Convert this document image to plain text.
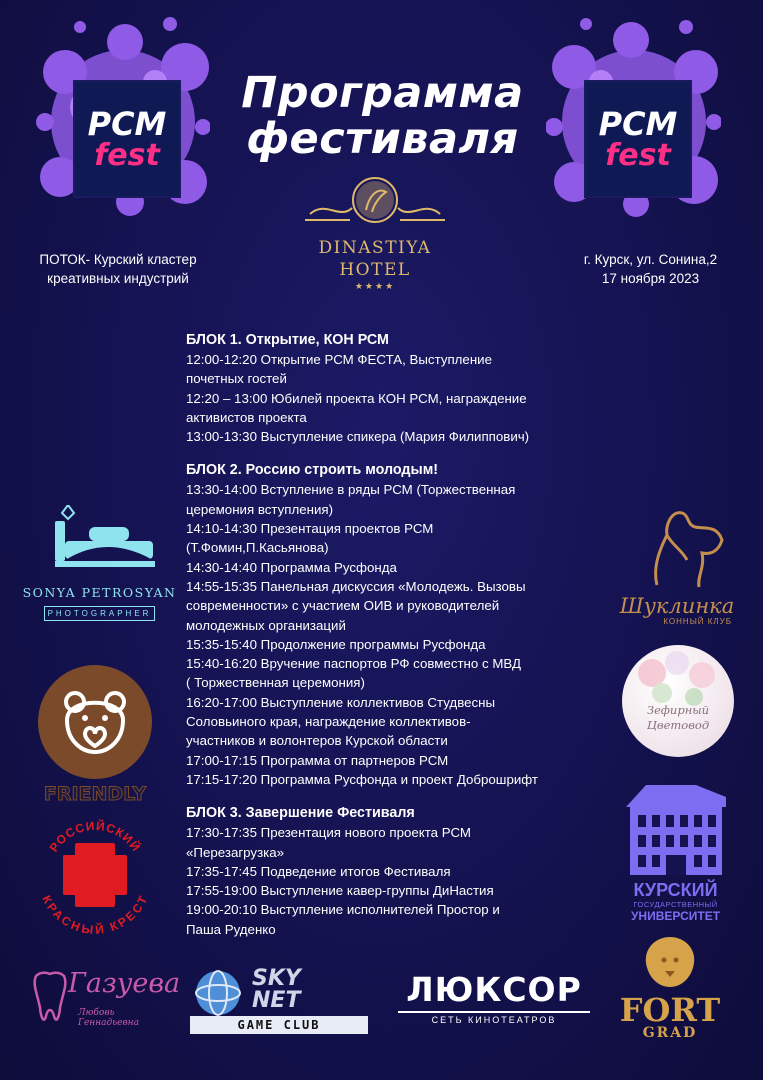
РСМ
fest
РСМ
fest
Программа
фестиваля
DINASTIYA
HOTEL
★★★★
ПОТОК- Курский кластер
креативных индустрий
г. Курск, ул. Сонина,2
17 ноября 2023
БЛОК 1. Открытие, КОН РСМ
12:00-12:20 Открытие РСМ ФЕСТА, Выступление
почетных гостей
12:20 – 13:00 Юбилей проекта КОН РСМ, награждение
активистов проекта
13:00-13:30 Выступление спикера (Мария Филиппович)
БЛОК 2. Россию строить молодым!
13:30-14:00 Вступление в ряды РСМ (Торжественная
церемония вступления)
14:10-14:30 Презентация проектов РСМ
(Т.Фомин,П.Касьянова)
14:30-14:40 Программа Русфонда
14:55-15:35 Панельная дискуссия «Молодежь. Вызовы
современности» с участием ОИВ и руководителей
молодежных организаций
15:35-15:40 Продолжение программы Русфонда
15:40-16:20 Вручение паспортов РФ совместно с МВД
( Торжественная церемония)
16:20-17:00 Выступление коллективов Студвесны
Соловьиного края, награждение коллективов-
участников и волонтеров Курской области
17:00-17:15 Программа от партнеров РСМ
17:15-17:20 Программа Русфонда и проект Доброшрифт
БЛОК 3. Завершение Фестиваля
17:30-17:35 Презентация нового проекта РСМ
«Перезагрузка»
17:35-17:45 Подведение итогов Фестиваля
17:55-19:00 Выступление кавер-группы ДиНастия
19:00-20:10 Выступление исполнителей Простор и
Паша Руденко
SONYA PETROSYAN
PHOTOGRAPHER
FRIENDLY
РОССИЙСКИЙ
КРАСНЫЙ КРЕСТ
Шуклинка
КОННЫЙ КЛУБ
Зефирный
Цветовод
КУРСКИЙ
ГОСУДАРСТВЕННЫЙ
УНИВЕРСИТЕТ
Газуева
Любовь Геннадьевна
SKY
NET
GAME CLUB
ЛЮКСОР
СЕТЬ КИНОТЕАТРОВ	FORT
GRAD
